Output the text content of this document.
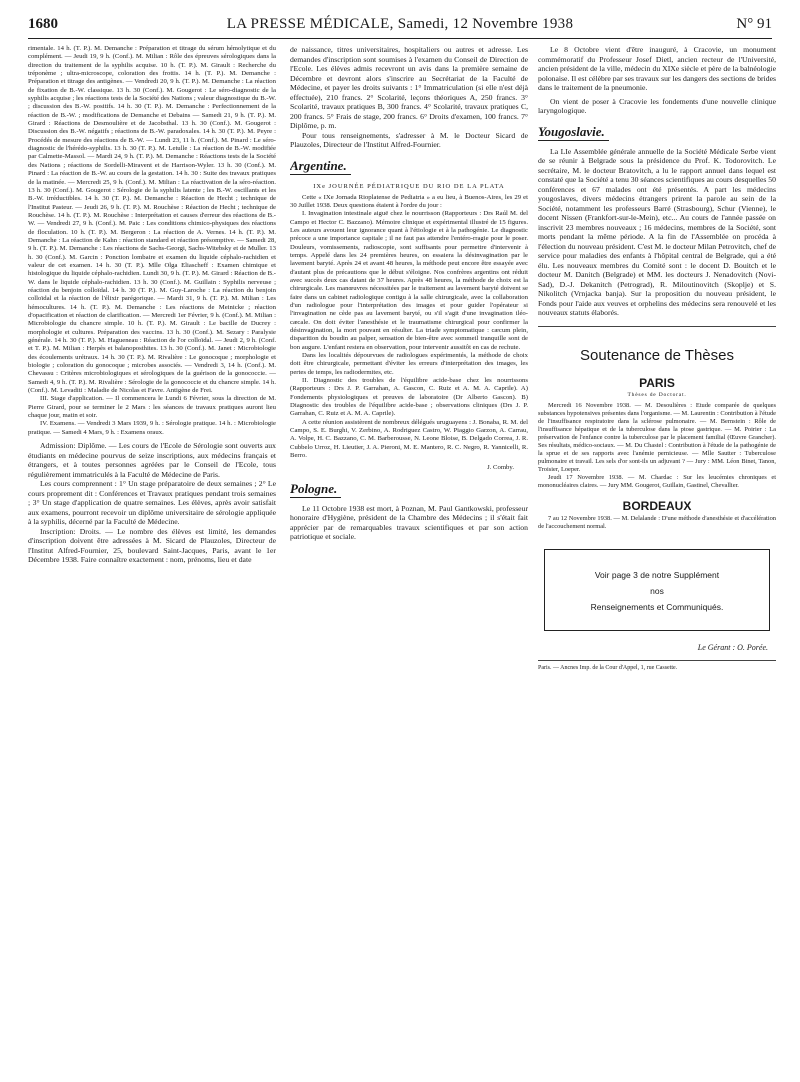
1680	LA PRESSE MÉDICALE, Samedi, 12 Novembre 1938	N° 91

rimentale. 14 h. (T. P.). M. Demanche : Préparation et titrage du sérum hémolytique et du complément. — Jeudi 19, 9 h. (Conf.). M. Milian : Rôle des épreuves sérologiques dans la direction du traitement de la syphilis acquise. 10 h. (T. P.). M. Girault : Recherche du tréponème ; ultra-microscope, coloration des frottis. 14 h. (T. P.). M. Demanche : Préparation et titrage des antigènes. — Vendredi 20, 9 h. (T. P.). M. Demanche : La réaction de fixation de B.-W. classique. 13 h. 30 (Conf.). M. Gougerot : Le séro-diagnostic de la syphilis acquise ; les réactions tests de la Société des Nations ; valeur diagnostique du B.-W. ; discussion des B.-W. positifs. 14 h. 30 (T. P.). M. Demanche : Perfectionnement de la réaction de B.-W. ; modifications de Demanche et Debains — Samedi 21, 9 h. (T. P.). M. Girard : Réactions de Desmoulière et de Jacobsthal. 13 h. 30 (Conf.). M. Gougerot : Discussion des B.-W. négatifs ; réactions de B.-W. paradoxales. 14 h. 30 (T. P.). M. Peyre : Procédés de mesure des réactions de B.-W. — Lundi 23, 11 h. (Conf.). M. Pinard : Le séro-diagnostic de l'hérédo-syphilis. 13 h. 30 (T. P.). M. Letulle : La réaction de B.-W. modifiée par Calmette-Massol. — Mardi 24, 9 h. (T. P.). M. Demanche : Réactions tests de la Société des Nations ; réactions de Sordelli-Miravent et de Harrison-Wyler. 13 h. 30 (Conf.). M. Pinard : La réaction de B.-W. au cours de la gestation. 14 h. 30 : Suite des travaux pratiques de la matinée. — Mercredi 25, 9 h. (Conf.). M. Milian : La réactivation de la séro-réaction. 13 h. 30 (Conf.). M. Gougerot : Sérologie de la syphilis latente ; les B.-W. oscillants et les B.-W. irréductibles. 14 h. 30 (T. P.). M. Demanche : Réaction de Hecht ; technique de l'Institut Pasteur. — Jeudi 26, 9 h. (T. P.). M. Rouchèse : Réaction de Hecht ; technique de Rouchèse. 14 h. (T. P.). M. Rouchèse : Interprétation et causes d'erreur des réactions de B.-W. — Vendredi 27, 9 h. (Conf.). M. Paic : Les conditions chimico-physiques des réactions de floculation. 10 h. (T. P.). M. Bergeron : La réaction de A. Vernes. 14 h. (T. P.). M. Demanche : La réaction de Kahn : réaction standard et réaction présomptive. — Samedi 28, 9 h. (T. P.). M. Demanche : Les réactions de Sachs-Georgi, Sachs-Witebsky et de Muller. 13 h. 30 (Conf.). M. Garcin : Ponction lombaire et examen du liquide céphalo-rachidien et valeur de cet examen. 14 h. 30 (T. P.). Mlle Olga Eliascheff : Examen chimique et histologique du liquide céphalo-rachidien. Lundi 30, 9 h. (T. P.). M. Girard : Réaction de B.-W. dans le liquide céphalo-rachidien. 13 h. 30 (Conf.). M. Guillain : Syphilis nerveuse ; réaction du benjoin colloïdal. 14 h. 30 (T. P.). M. Guy-Laroche : La réaction du benjoin colloïdal et la réaction de l'élixir parégorique. — Mardi 31, 9 h. (T. P.). M. Milian : Les hémocultures. 14 h. (T. P.). M. Demanche : Les réactions de Meinicke ; réaction d'opacification et réaction de clarification. — Mercredi 1er Février, 9 h. (Conf.). M. Milian : Microbiologie du chancre simple. 10 h. (T. P.). M. Girault : Le bacille de Ducrey : morphologie et cultures. Préparation des vaccins. 13 h. 30 (Conf.). M. Sezary : Paralysie générale. 14 h. 30 (T. P.). M. Hagueneau : Réaction de l'or colloïdal. — Jeudi 2, 9 h. (Conf. et T. P.). M. Milian : Herpès et balanoposthites. 13 h. 30 (Conf.). M. Janet : Microbiologie des écoulements urétraux. 14 h. 30 (T. P.). M. Rivalière : Le gonocoque ; morphologie et biologie ; coloration du gonocoque ; microbes associés. — Vendredi 3, 14 h. (Conf.). M. Chevassu : Critères microbiologiques et sérologiques de la guérison de la gonococcie. — Samedi 4, 9 h. (T. P.). M. Rivalière : Sérologie de la gonococcie et du chancre simple. 14 h. (Conf.). M. Levaditi : Maladie de Nicolas et Favre. Antigène de Frei.

III. Stage d'application. — Il commencera le Lundi 6 Février, sous la direction de M. Pierre Girard, pour se terminer le 2 Mars : les séances de travaux pratiques auront lieu chaque jour, matin et soir.

IV. Examens. — Vendredi 3 Mars 1939, 9 h. : Sérologie pratique. 14 h. : Microbiologie pratique. — Samedi 4 Mars, 9 h. : Examens oraux.

Admission: Diplôme. — Les cours de l'Ecole de Sérologie sont ouverts aux étudiants en médecine pourvus de seize inscriptions, aux médecins français et étrangers, et à toutes personnes agréées par le Conseil de l'Ecole, tous régulièrement immatriculés à la Faculté de Médecine de Paris.

Les cours comprennent : 1° Un stage préparatoire de deux semaines ; 2° Le cours proprement dit : Conférences et Travaux pratiques pendant trois semaines ; 3° Un stage d'application de quatre semaines. Les élèves, après avoir satisfait aux examens, pourront recevoir un diplôme universitaire de sérologie appliquée à la syphilis, décerné par la Faculté de Médecine.

Inscription: Droits. — Le nombre des élèves est limité, les demandes d'inscription doivent être adressées à M. Sicard de Plauzoles, Directeur de l'Institut Alfred-Fournier, 25, boulevard Saint-Jacques, Paris, avant le 1er Décembre 1938. Faire connaître exactement : nom, prénoms, lieu et date

de naissance, titres universitaires, hospitaliers ou autres et adresse. Les demandes d'inscription sont soumises à l'examen du Conseil de Direction de l'Ecole. Les élèves admis recevront un avis dans la première semaine de Décembre et devront alors s'inscrire au Secrétariat de la Faculté de Médecine, et payer les droits suivants : 1° Immatriculation (si elle n'est déjà effectuée), 210 francs. 2° Scolarité, leçons théoriques A, 250 francs. 3° Scolarité, travaux pratiques B, 300 francs. 4° Scolarité, travaux pratiques C, 200 francs. 5° Frais de stage, 200 francs. 6° Droits d'examen, 100 francs. 7° Diplôme, p. m.

Pour tous renseignements, s'adresser à M. le Docteur Sicard de Plauzoles, Directeur de l'Institut Alfred-Fournier.

Argentine.
IXe JOURNÉE PÉDIATRIQUE DU RIO DE LA PLATA

Cette « IXe Jornada Rioplatense de Pediatria » a eu lieu, à Buenos-Aires, les 29 et 30 Juillet 1938. Deux questions étaient à l'ordre du jour :

I. Invagination intestinale aiguë chez le nourrisson (Rapporteurs : Drs Raúl M. del Campo et Hector C. Bazzano). Mémoire clinique et expérimental illustré de 15 figures. Les auteurs avouent leur ignorance quant à l'étiologie et à la pathogénie. Le diagnostic précoce a une importance capitale ; il ne faut pas attendre l'entéro-rragie pour le poser. Douleurs, vomissements, radioscopie, sont suffisants pour permettre d'intervenir à temps. Appelé dans les 24 premières heures, on essaiera la désinvagination par le lavement baryté. Après 24 et avant 48 heures, la méthode peut encore être essayée avec d'autant plus de précautions que le début s'éloigne. Nos confrères argentins ont réduit avec succès deux cas datant de 37 heures. Après 48 heures, la méthode de choix est la chirurgicale. Les manœuvres nécessitées par le traitement au lavement baryté doivent se faire dans un cabinet radiologique contigu à la salle chirurgicale, avec la collaboration d'un radiologue pour l'interprétation des images et pour guider l'opérateur si l'invagination ne cède pas au lavement baryté, ou s'il s'agit d'une invagination iléo-cæcale. On doit éviter l'anesthésie et le traumatisme chirurgical pour confirmer la désinvagination, la mort pouvant en résulter. La triade symptomatique : cæcum plein, disparition du boudin au palper, sensation de bien-être avec sommeil tranquille sont de bon augure. L'enfant restera en observation, pour intervenir aussitôt en cas de rechute.

Dans les localités dépourvues de radiologues expérimentés, la méthode de choix doit être chirurgicale, permettant d'éviter les erreurs d'interprétation des images, les pertes de temps, les radiodermites, etc.

II. Diagnostic des troubles de l'équilibre acide-base chez les nourrissons (Rapporteurs : Drs J. P. Garrahan, A. Gascon, C. Ruiz et A. M. A. Caprile). A) Fondements physiologiques et preuves de laboratoire (Dr Alberto Gascon). B) Diagnostic des troubles de l'équilibre acide-base ; observations cliniques (Drs J. P. Garrahan, C. Ruiz et A. M. A. Caprile).

A cette réunion assistèrent de nombreux délégués uruguayens : J. Bonaba, R. M. del Campo, S. E. Burghi, V. Zerbino, A. Rodriguez Castro, W. Piaggio Garzon, A. Carrau, A. Volpe, H. C. Bazzano, C. M. Barberousse, N. Leone Bloise, B. Delgado Correa, J. R. Cubbelo Urroz, H. Lieutier, J. A. Pieroni, M. E. Mantero, R. C. Negro, R. Yannicelli, R. Berro.

J. Comby.
Pologne.

Le 11 Octobre 1938 est mort, à Poznan, M. Paul Gantkowski, professeur honoraire d'Hygiène, président de la Chambre des Médecins ; il s'était fait apprécier par de remarquables travaux scientifiques et par son action patriotique et sociale.

Le 8 Octobre vient d'être inauguré, à Cracovie, un monument commémoratif du Professeur Josef Dietl, ancien recteur de l'Université, ancien président de la ville, médecin du XIXe siècle et père de la balnéologie polonaise. Il est célèbre par ses travaux sur les dangers des sections de brides dans le traitement de la pneumonie.

On vient de poser à Cracovie les fondements d'une nouvelle clinique laryngologique.

Yougoslavie.

La LIe Assemblée générale annuelle de la Société Médicale Serbe vient de se réunir à Belgrade sous la présidence du Prof. K. Todorovitch. Le secrétaire, M. le docteur Bratovitch, a lu le rapport annuel dans lequel est constaté que la Société a tenu 30 séances scientifiques au cours desquelles 50 conférences et 67 malades ont été présentés. A part les médecins yougoslaves, divers médecins étrangers prirent la parole au sein de la Société, notamment les professeurs Barré (Strasbourg), Schur (Vienne), le docent Nissen (Frankfort-sur-le-Mein), etc... Au cours de l'année passée on inscrivit 23 membres nouveaux ; 16 médecins, membres de la Société, sont morts pendant la même période. A la fin de l'Assemblée on procéda à l'élection du nouveau président. C'est M. le docteur Milan Petrovitch, chef de service pour maladies des enfants à l'hôpital central de Belgrade, qui a été élu. Les nouveaux membres du Comité sont : le docent D. Bouitch et le docteur M. Danitch (Belgrade) et MM. les docteurs J. Nenadovitch (Novi-Sad), D.-J. Dekanitch (Petrograd), R. Miloutinovitch (Skoplje) et S. Nikolitch (Vrnjacka banja). Sur la proposition du nouveau président, le Fonds pour l'aide aux veuves et orphelins des médecins sera renouvelé et les nouveaux statuts élaborés.

Soutenance de Thèses
PARIS
Thèses de Doctorat.

Mercredi 16 Novembre 1938. — M. Desoulières : Etude comparée de quelques substances hypotensives présentes dans l'organisme. — M. Laurentin : Contribution à l'étude de l'insuffisance respiratoire dans la sclérose pulmonaire. — M. Bernstein : Rôle de l'insuffisance hépatique et de la tuberculose dans la ptose gastrique. — M. Poirier : La préservation de l'enfance contre la tuberculose par le placement familial (Œuvre Grancher). Ses résultats, médico-sociaux. — M. Du Chastel : Contribution à l'étude de la pathogénie de la sprue et de ses rapports avec l'anémie pernicieuse. — Mlle Sautter : Tuberculose pulmonaire et travail. Les sels d'or sont-ils un adjuvant ? — Jury : MM. Léon Binet, Tanon, Troisier, Loeper.

Jeudi 17 Novembre 1938. — M. Chardac : Sur les leucémies chroniques et mononucléaires claires. — Jury MM. Gougerot, Guillain, Gastinel, Chevallier.

BORDEAUX

7 au 12 Novembre 1938. — M. Delalande : D'une méthode d'anesthésie et d'accélération de l'accouchement normal.

Voir page 3 de notre Supplément
nos
Renseignements et Communiqués.
Le Gérant : O. Porée.
Paris. — Ancnes Imp. de la Cour d'Appel, 1, rue Cassette.
